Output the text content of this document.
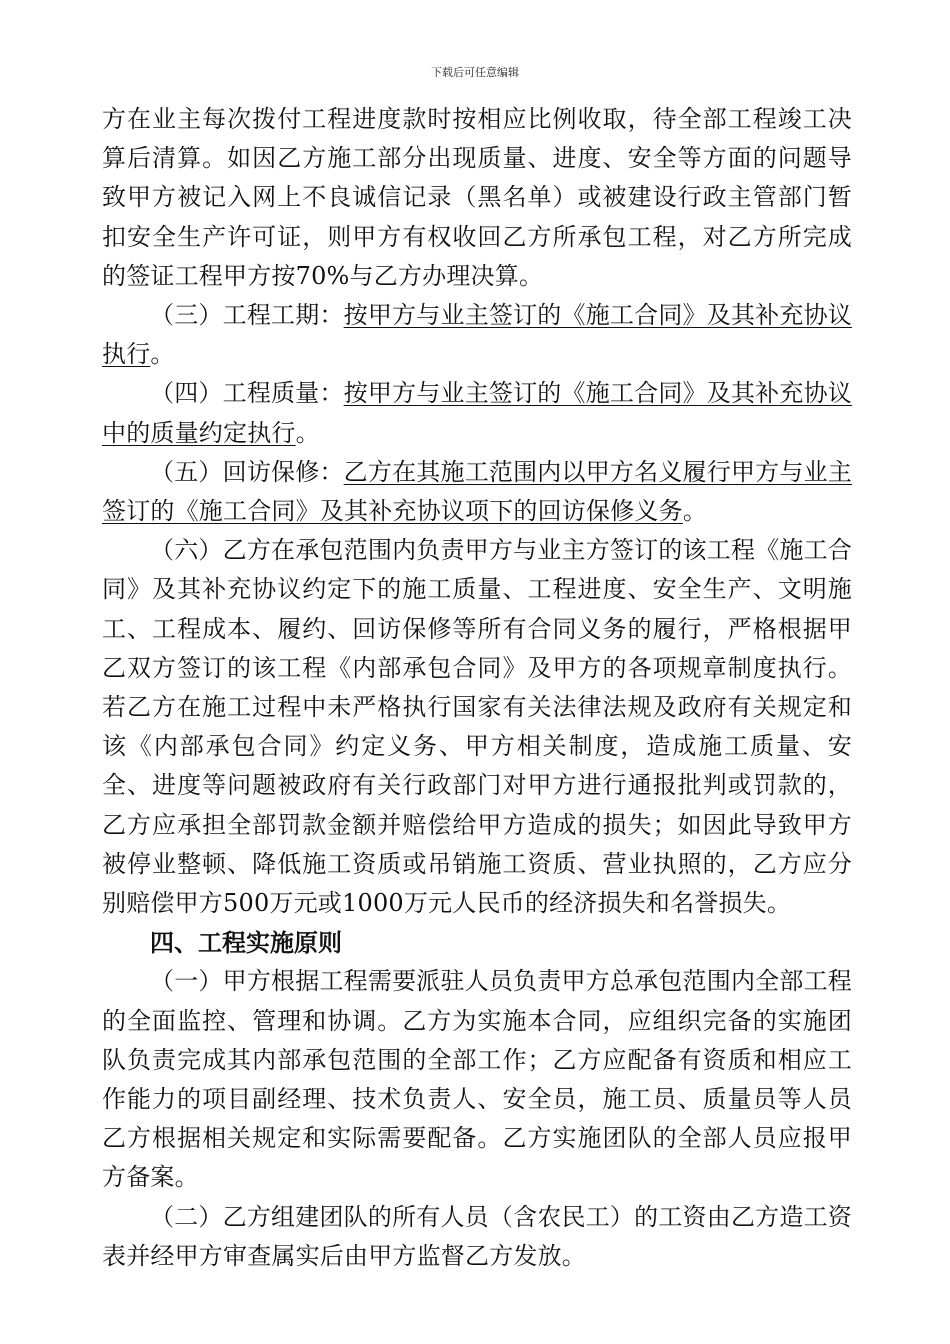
下载后可任意编辑

方在业主每次拨付工程进度款时按相应比例收取，待全部工程竣工决算后清算。如因乙方施工部分出现质量、进度、安全等方面的问题导致甲方被记入网上不良诚信记录（黑名单）或被建设行政主管部门暂扣安全生产许可证，则甲方有权收回乙方所承包工程，对乙方所完成的签证工程甲方按70%与乙方办理决算。

（三）工程工期：按甲方与业主签订的《施工合同》及其补充协议执行。

（四）工程质量：按甲方与业主签订的《施工合同》及其补充协议中的质量约定执行。

（五）回访保修：乙方在其施工范围内以甲方名义履行甲方与业主签订的《施工合同》及其补充协议项下的回访保修义务。

（六）乙方在承包范围内负责甲方与业主方签订的该工程《施工合同》及其补充协议约定下的施工质量、工程进度、安全生产、文明施工、工程成本、履约、回访保修等所有合同义务的履行，严格根据甲乙双方签订的该工程《内部承包合同》及甲方的各项规章制度执行。若乙方在施工过程中未严格执行国家有关法律法规及政府有关规定和该《内部承包合同》约定义务、甲方相关制度，造成施工质量、安全、进度等问题被政府有关行政部门对甲方进行通报批判或罚款的，乙方应承担全部罚款金额并赔偿给甲方造成的损失；如因此导致甲方被停业整顿、降低施工资质或吊销施工资质、营业执照的，乙方应分别赔偿甲方500万元或1000万元人民币的经济损失和名誉损失。

四、工程实施原则

（一）甲方根据工程需要派驻人员负责甲方总承包范围内全部工程的全面监控、管理和协调。乙方为实施本合同，应组织完备的实施团队负责完成其内部承包范围的全部工作；乙方应配备有资质和相应工作能力的项目副经理、技术负责人、安全员，施工员、质量员等人员乙方根据相关规定和实际需要配备。乙方实施团队的全部人员应报甲方备案。

（二）乙方组建团队的所有人员（含农民工）的工资由乙方造工资表并经甲方审查属实后由甲方监督乙方发放。
